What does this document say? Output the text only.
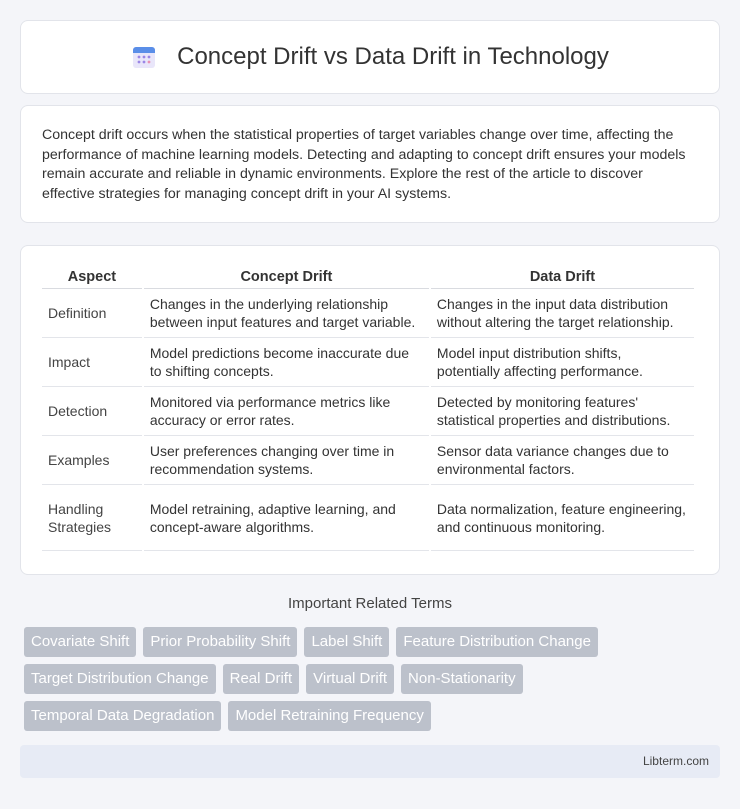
Concept Drift vs Data Drift in Technology

Concept drift occurs when the statistical properties of target variables change over time, affecting the performance of machine learning models. Detecting and adapting to concept drift ensures your models remain accurate and reliable in dynamic environments. Explore the rest of the article to discover effective strategies for managing concept drift in your AI systems.

Aspect	Concept Drift	Data Drift
Definition	Changes in the underlying relationship between input features and target variable.	Changes in the input data distribution without altering the target relationship.
Impact	Model predictions become inaccurate due to shifting concepts.	Model input distribution shifts, potentially affecting performance.
Detection	Monitored via performance metrics like accuracy or error rates.	Detected by monitoring features' statistical properties and distributions.
Examples	User preferences changing over time in recommendation systems.	Sensor data variance changes due to environmental factors.
Handling Strategies	Model retraining, adaptive learning, and concept-aware algorithms.	Data normalization, feature engineering, and continuous monitoring.
Important Related Terms
Covariate Shift	Prior Probability Shift	Label Shift	Feature Distribution Change
Target Distribution Change	Real Drift	Virtual Drift	Non-Stationarity
Temporal Data Degradation	Model Retraining Frequency
Libterm.com
